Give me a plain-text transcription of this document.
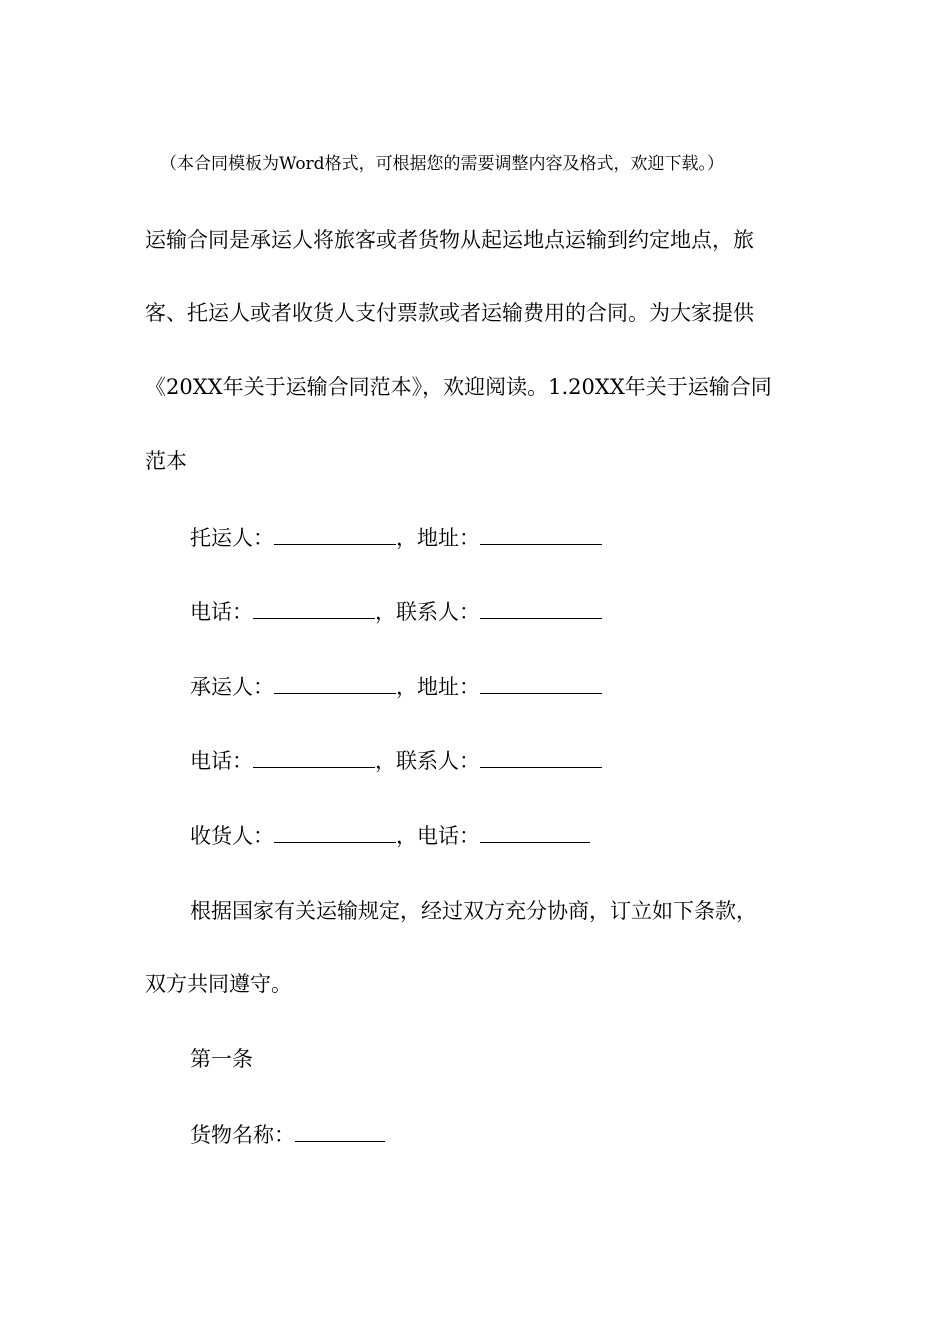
（本合同模板为Word格式，可根据您的需要调整内容及格式，欢迎下载。）
运输合同是承运人将旅客或者货物从起运地点运输到约定地点，旅
客、托运人或者收货人支付票款或者运输费用的合同。为大家提供
《20XX年关于运输合同范本》，欢迎阅读。1.20XX年关于运输合同
范本
托运人：	，地址：
电话：	，联系人：
承运人：	，地址：
电话：	，联系人：
收货人：	，电话：
根据国家有关运输规定，经过双方充分协商，订立如下条款，
双方共同遵守。
第一条
货物名称：
